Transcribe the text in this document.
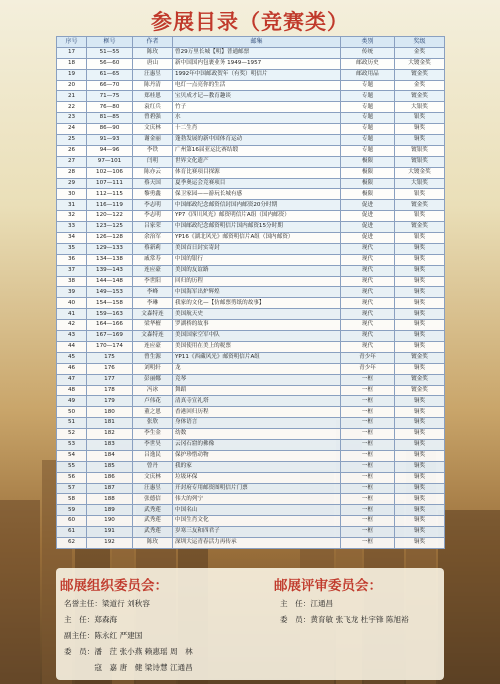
参展目录（竞赛类）
序号	框号	作者	邮集	类别	奖级
17	51—55	陈玫	曾29万里长城【明】普通邮票	传统	金奖
18	56—60	唐山	新中国国内包裹业务 1949—1957	邮政历史	大镀金奖
19	61—65	汪惠昱	1992年中国邮政贺年（有奖）明信片	邮政用品	镀金奖
20	66—70	陈丹清	电灯一点亮你的生活	专题	金奖
21	71—75	郑桂恩	宝贝成才记—教育趣谈	专题	镀金奖
22	76—80	袁红兵	竹子	专题	大银奖
23	81—85	曾碧强	水	专题	银奖
24	86—90	文庆林	十二生肖	专题	铜奖
25	91—93	谢金丽	蓬勃发展的新中国体育运动	专题	铜奖
26	94—96	李铁	广州第16届亚运比赛结缎	专题	镀银奖
27	97—101	闫明	世界文化遗产	极限	镀银奖
28	102—106	陈亦云	体育比赛项目探源	极限	大镀金奖
29	107—111	蔡天国	夏季奥运会竞赛项目	极限	大银奖
30	112—115	黎勇鑫	保卫家园——游玩长城有感	极限	银奖
31	116—119	李志明	中国邮政纪念邮资信封国内邮资20分时期	促进	镀金奖
32	120—122	李志明	YP7《四川风光》邮资明信片A组（国内邮资）	促进	银奖
33	123—125	吕家荣	中国邮政纪念邮资明信片国内邮资15分时期	促进	镀金奖
34	126—128	余治军	YP16《湖北风光》邮资明信片A组（国内邮资）	促进	银奖
35	129—133	蔡新莉	美国首日封实寄封	现代	铜奖
36	134—138	戚常寿	中国的银行	现代	铜奖
37	139—143	连应豪	美国的友谊路	现代	铜奖
38	144—148	李世阳	回归的历程	现代	铜奖
39	149—153	李峰	中国海军出炉辉煌	现代	铜奖
40	154—158	李琳	我家的文化—【仿邮票剪纸的故事】	现代	铜奖
41	159—163	文森特连	美国航天史	现代	铜奖
42	164—166	梁华檀	罗湖桥的故事	现代	铜奖
43	167—169	文森特连	美国国家空军中队	现代	铜奖
44	170—174	连应豪	美国使用在美上的税票	现代	铜奖
45	175	曾生源	YP11《西藏风光》邮资明信片A组	青少年	镀金奖
46	176	刘明轩	龙	青少年	铜奖
47	177	彭丽娜	竞琴	一框	镀金奖
48	178	冯冰	舞蹈	一框	镀金奖
49	179	卢伟花	清真寺宣礼塔	一框	铜奖
50	180	董之恩	香港回归历程	一框	铜奖
51	181	张欣	身体语言	一框	铜奖
52	182	李生金	幼数	一框	铜奖
53	183	李世昊	云冈石窟的佛像	一框	铜奖
54	184	吕逸民	保护珍惜动物	一框	铜奖
55	185	曾丹	我的家	一框	铜奖
56	186	文庆林	垃圾环保	一框	铜奖
57	187	汪惠昱	开封府专用邮资图明信片门票	一框	铜奖
58	188	张德信	伟大的列宁	一框	铜奖
59	189	武秀莲	中国名山	一框	铜奖
60	190	武秀莲	中国生肖文化	一框	铜奖
61	191	武秀莲	岁寒三友和四君子	一框	铜奖
62	192	陈玫	深圳大运青春活力再传承	一框	铜奖
邮展组织委员会：
名誉主任：梁道行 刘秋容
主　任：郑森海
副主任：陈永红 严建国
委　员：潘　茳 张小燕 赖惠瑶 周　林
　　　　寇　嘉 唐　健 梁诗慧 江通昌
邮展评审委员会：
主　任：江通昌
委　员：黄育敏 张飞龙 杜宇锋 陈旭裕
